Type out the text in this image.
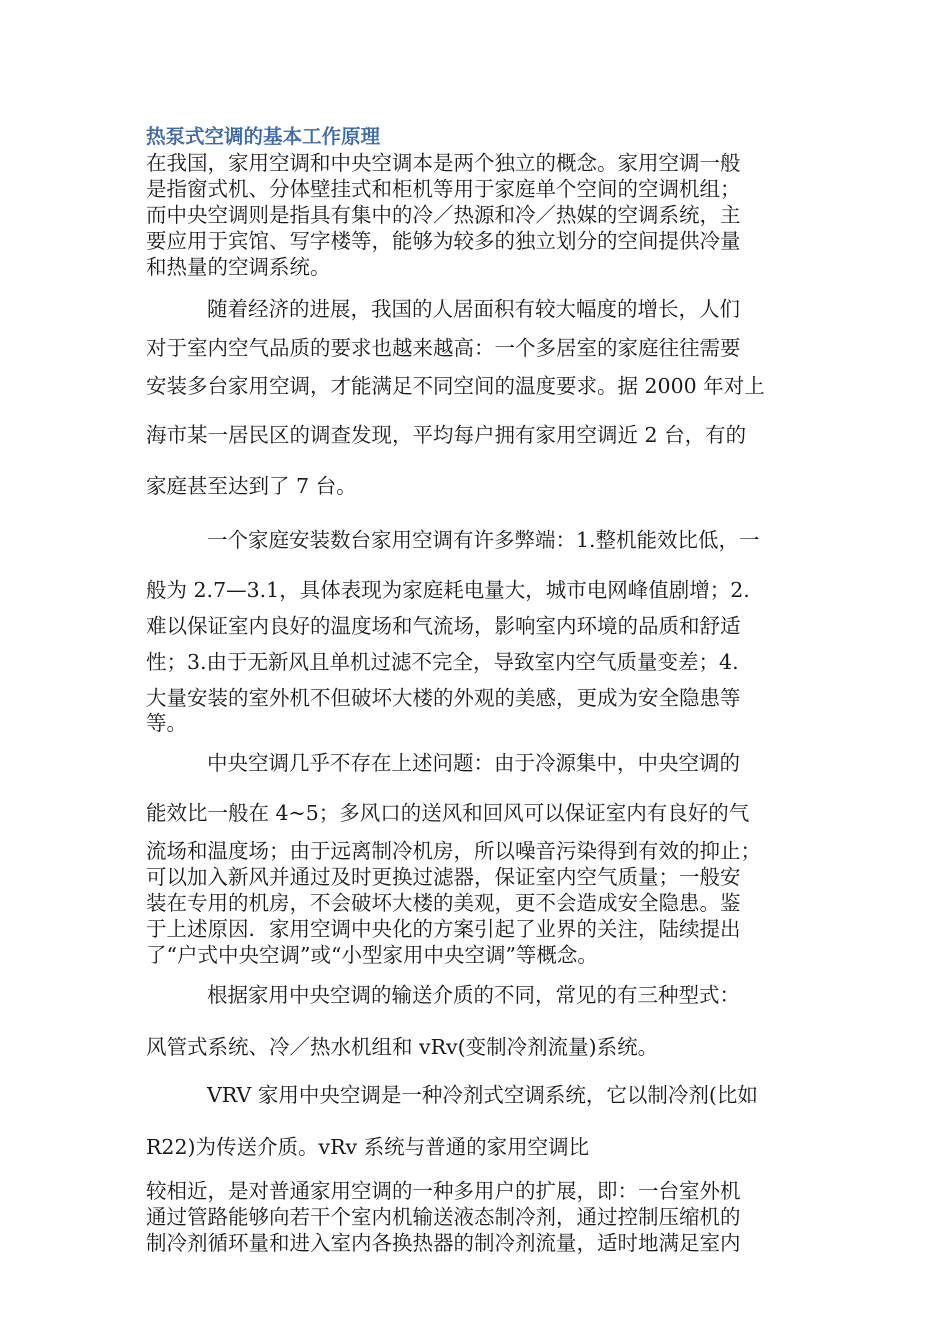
热泵式空调的基本工作原理
在我国，家用空调和中央空调本是两个独立的概念。家用空调一般
是指窗式机、分体壁挂式和柜机等用于家庭单个空间的空调机组；
而中央空调则是指具有集中的冷／热源和冷／热媒的空调系统，主
要应用于宾馆、写字楼等，能够为较多的独立划分的空间提供冷量
和热量的空调系统。
随着经济的进展，我国的人居面积有较大幅度的增长，人们
对于室内空气品质的要求也越来越高：一个多居室的家庭往往需要
安装多台家用空调，才能满足不同空间的温度要求。据 2000 年对上
海市某一居民区的调查发现，平均每户拥有家用空调近 2 台，有的
家庭甚至达到了 7 台。
一个家庭安装数台家用空调有许多弊端：1.整机能效比低，一
般为 2.7—3.1，具体表现为家庭耗电量大，城市电网峰值剧增；2.
难以保证室内良好的温度场和气流场，影响室内环境的品质和舒适
性；3.由于无新风且单机过滤不完全，导致室内空气质量变差；4.
大量安装的室外机不但破坏大楼的外观的美感，更成为安全隐患等
等。
中央空调几乎不存在上述问题：由于冷源集中，中央空调的
能效比一般在 4~5；多风口的送风和回风可以保证室内有良好的气
流场和温度场；由于远离制冷机房，所以噪音污染得到有效的抑止；
可以加入新风并通过及时更换过滤器，保证室内空气质量；一般安
装在专用的机房，不会破坏大楼的美观，更不会造成安全隐患。鉴
于上述原因．家用空调中央化的方案引起了业界的关注，陆续提出
了“户式中央空调”或“小型家用中央空调”等概念。
根据家用中央空调的输送介质的不同，常见的有三种型式：
风管式系统、冷／热水机组和 vRv(变制冷剂流量)系统。
VRV 家用中央空调是一种冷剂式空调系统，它以制冷剂(比如
R22)为传送介质。vRv 系统与普通的家用空调比
较相近，是对普通家用空调的一种多用户的扩展，即：一台室外机
通过管路能够向若干个室内机输送液态制冷剂，通过控制压缩机的
制冷剂循环量和进入室内各换热器的制冷剂流量，适时地满足室内
